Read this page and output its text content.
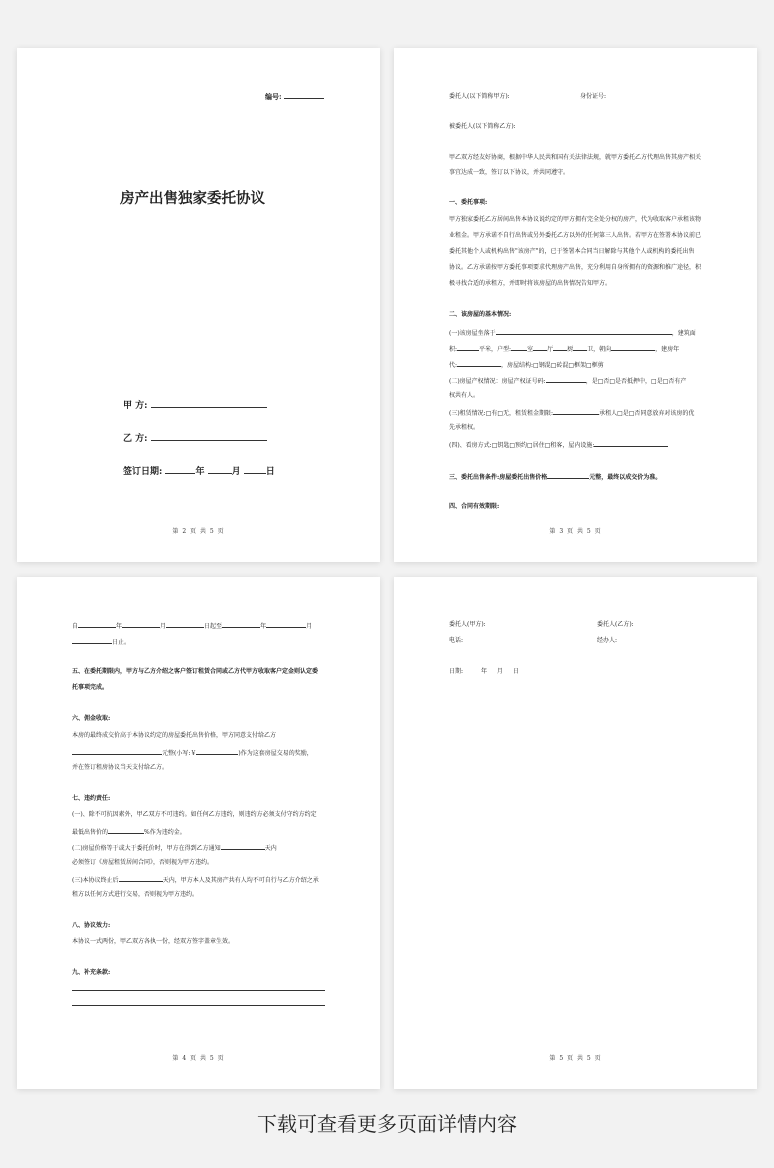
编号:
房产出售独家委托协议
甲 方:
乙 方:
签订日期:	年	月	日
第 2 页 共 5 页
委托人(以下简称甲方):	身份证号:
被委托人(以下简称乙方):
甲乙双方经友好协商，根据中华人民共和国有关法律法规，就甲方委托乙方代理出售其房产相关
事宜达成一致，签订以下协议，并共同遵守。
一、委托事项:
甲方独家委托乙方居间出售本协议说约定的甲方拥有完全处分权的房产，代为收取客户承租该物
业租金。甲方承诺不自行出售或另外委托乙方以外的任何第三人出售。若甲方在签署本协议前已
委托其他个人或机构出售"该房产"的，已于签署本合同当日解除与其他个人或机构的委托出售
协议。乙方承诺按甲方委托事项要求代理房产出售，充分利用自身所拥有的资源和推广途径，积
极寻找合适的承租方，并即时将该房屋的出售情况告知甲方。
二、该房屋的基本情况:
(一)该房屋坐落于	，建筑面
积:	平米，户型:	室 厅 厨 卫，朝向	，建房年
代:	，房屋结构:□钢混□砖混□框架□框剪
(二)房屋产权情况：房屋产权证号码:	，是□否□是否抵押中，□是□否有产
权共有人。
(三)租赁情况:□有□无，租赁租金期限:	承租人□是□否同意放弃对该房的优
先承租权。
(四)、看房方式:□钥匙□预约□居住□租客，屋内设施:
三、委托出售条件:房屋委托出售价格	元整，最终以成交价为准。
四、合同有效期限:
第 3 页 共 5 页
自	年	月	日起至	年	月
日止。
五、在委托期限内，甲方与乙方介绍之客户签订租赁合同或乙方代甲方收取客户定金则认定委
托事项完成。
六、佣金收取:
本房的最终成交价高于本协议约定的房屋委托出售价格，甲方同意支付给乙方
元整(小写:￥	)作为这套房屋交易的奖励，
并在签订租房协议当天支付给乙方。
七、违约责任:
(一)、除不可抗因素外，甲乙双方不可违约。如任何乙方违约，则违约方必须支付守约方约定
最低出售价的	%作为违约金。
(二)房屋价格等于或大于委托价时，甲方在得到乙方通知	天内
必须签订《房屋租赁居间合同》，否则视为甲方违约。
(三)本协议终止后	天内，甲方本人及其房产共有人均不可自行与乙方介绍之承
租方以任何方式进行交易，否则视为甲方违约。
八、协议效力:
本协议一式两份，甲乙双方各执一份，经双方签字盖章生效。
九、补充条款:
第 4 页 共 5 页
委托人(甲方):	委托人(乙方):
电话:	经办人:
日期:	年 月 日
第 5 页 共 5 页
下载可查看更多页面详情内容
